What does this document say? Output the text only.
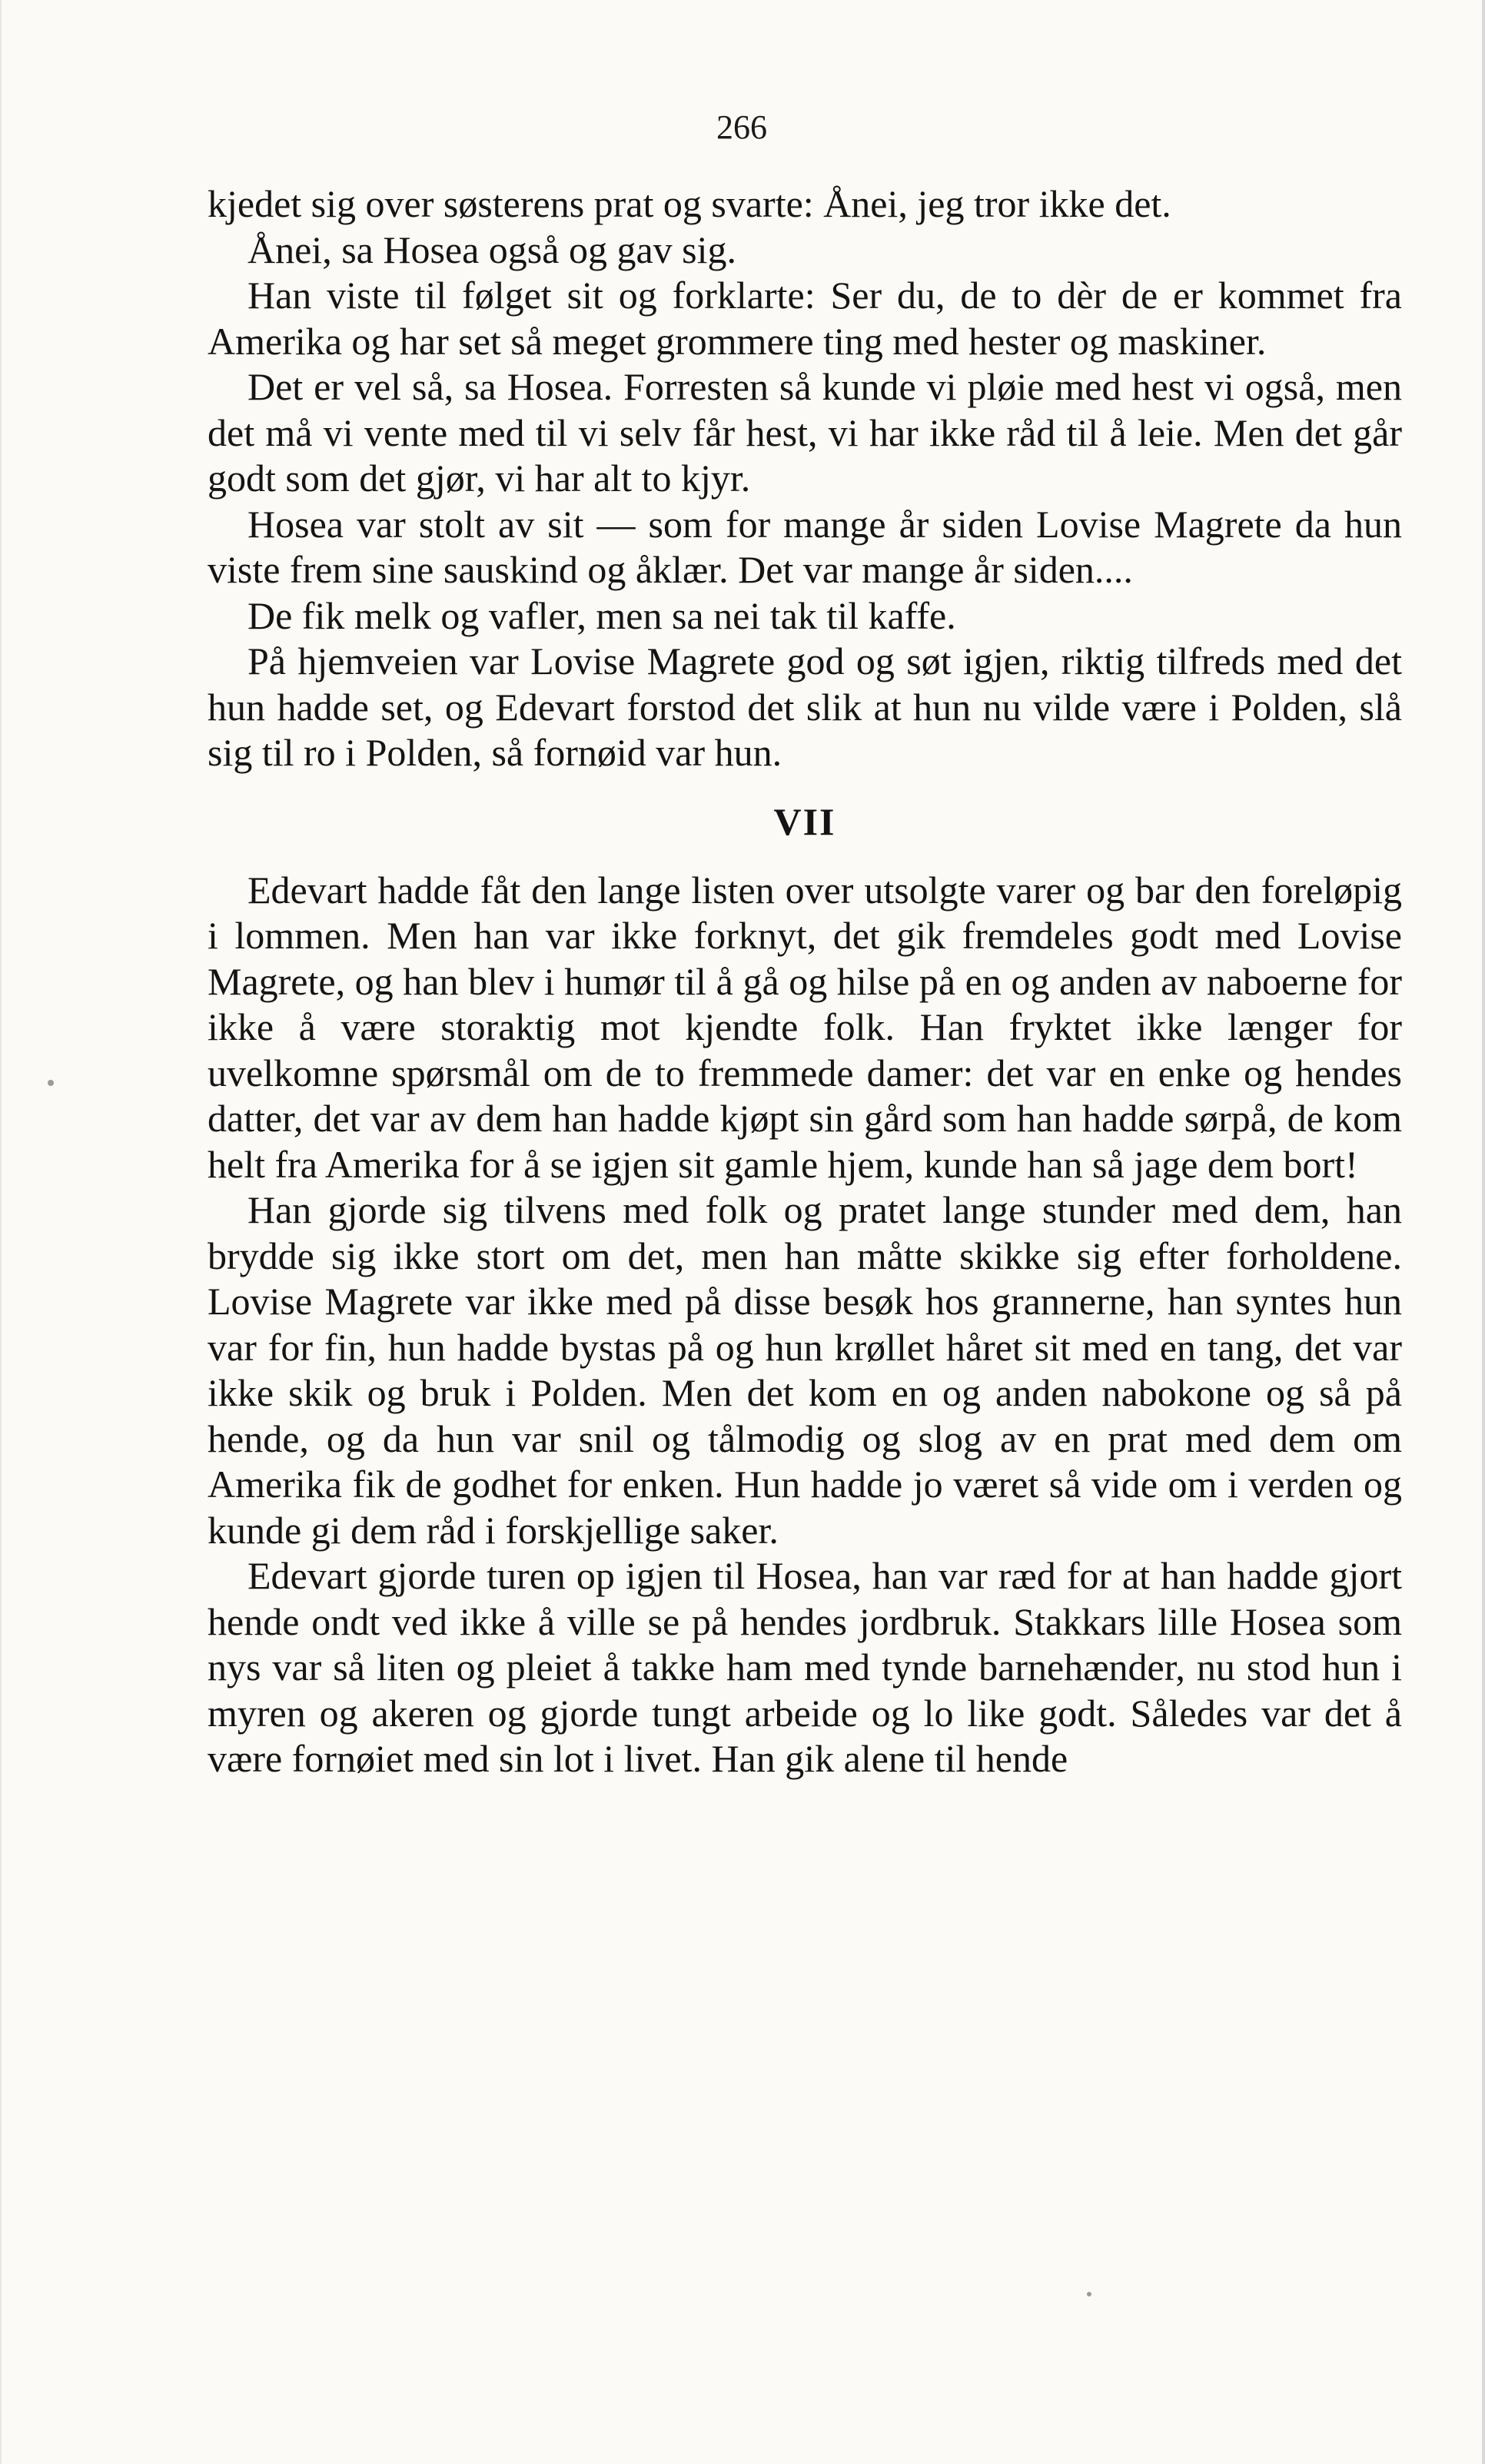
266

kjedet sig over søsterens prat og svarte: Ånei, jeg tror ikke det.

Ånei, sa Hosea også og gav sig.

Han viste til følget sit og forklarte: Ser du, de to dèr de er kommet fra Amerika og har set så meget grommere ting med hester og maskiner.

Det er vel så, sa Hosea. Forresten så kunde vi pløie med hest vi også, men det må vi vente med til vi selv får hest, vi har ikke råd til å leie. Men det går godt som det gjør, vi har alt to kjyr.

Hosea var stolt av sit — som for mange år siden Lovise Magrete da hun viste frem sine sauskind og åklær. Det var mange år siden....

De fik melk og vafler, men sa nei tak til kaffe.

På hjemveien var Lovise Magrete god og søt igjen, riktig tilfreds med det hun hadde set, og Edevart forstod det slik at hun nu vilde være i Polden, slå sig til ro i Polden, så fornøid var hun.

VII

Edevart hadde fåt den lange listen over utsolgte varer og bar den foreløpig i lommen. Men han var ikke forknyt, det gik fremdeles godt med Lovise Magrete, og han blev i humør til å gå og hilse på en og anden av naboerne for ikke å være storaktig mot kjendte folk. Han fryktet ikke længer for uvelkomne spørsmål om de to fremmede damer: det var en enke og hendes datter, det var av dem han hadde kjøpt sin gård som han hadde sørpå, de kom helt fra Amerika for å se igjen sit gamle hjem, kunde han så jage dem bort!

Han gjorde sig tilvens med folk og pratet lange stunder med dem, han brydde sig ikke stort om det, men han måtte skikke sig efter forholdene. Lovise Magrete var ikke med på disse besøk hos grannerne, han syntes hun var for fin, hun hadde bystas på og hun krøllet håret sit med en tang, det var ikke skik og bruk i Polden. Men det kom en og anden nabokone og så på hende, og da hun var snil og tålmodig og slog av en prat med dem om Amerika fik de godhet for enken. Hun hadde jo været så vide om i verden og kunde gi dem råd i forskjellige saker.

Edevart gjorde turen op igjen til Hosea, han var ræd for at han hadde gjort hende ondt ved ikke å ville se på hendes jordbruk. Stakkars lille Hosea som nys var så liten og pleiet å takke ham med tynde barnehænder, nu stod hun i myren og akeren og gjorde tungt arbeide og lo like godt. Således var det å være fornøiet med sin lot i livet. Han gik alene til hende
